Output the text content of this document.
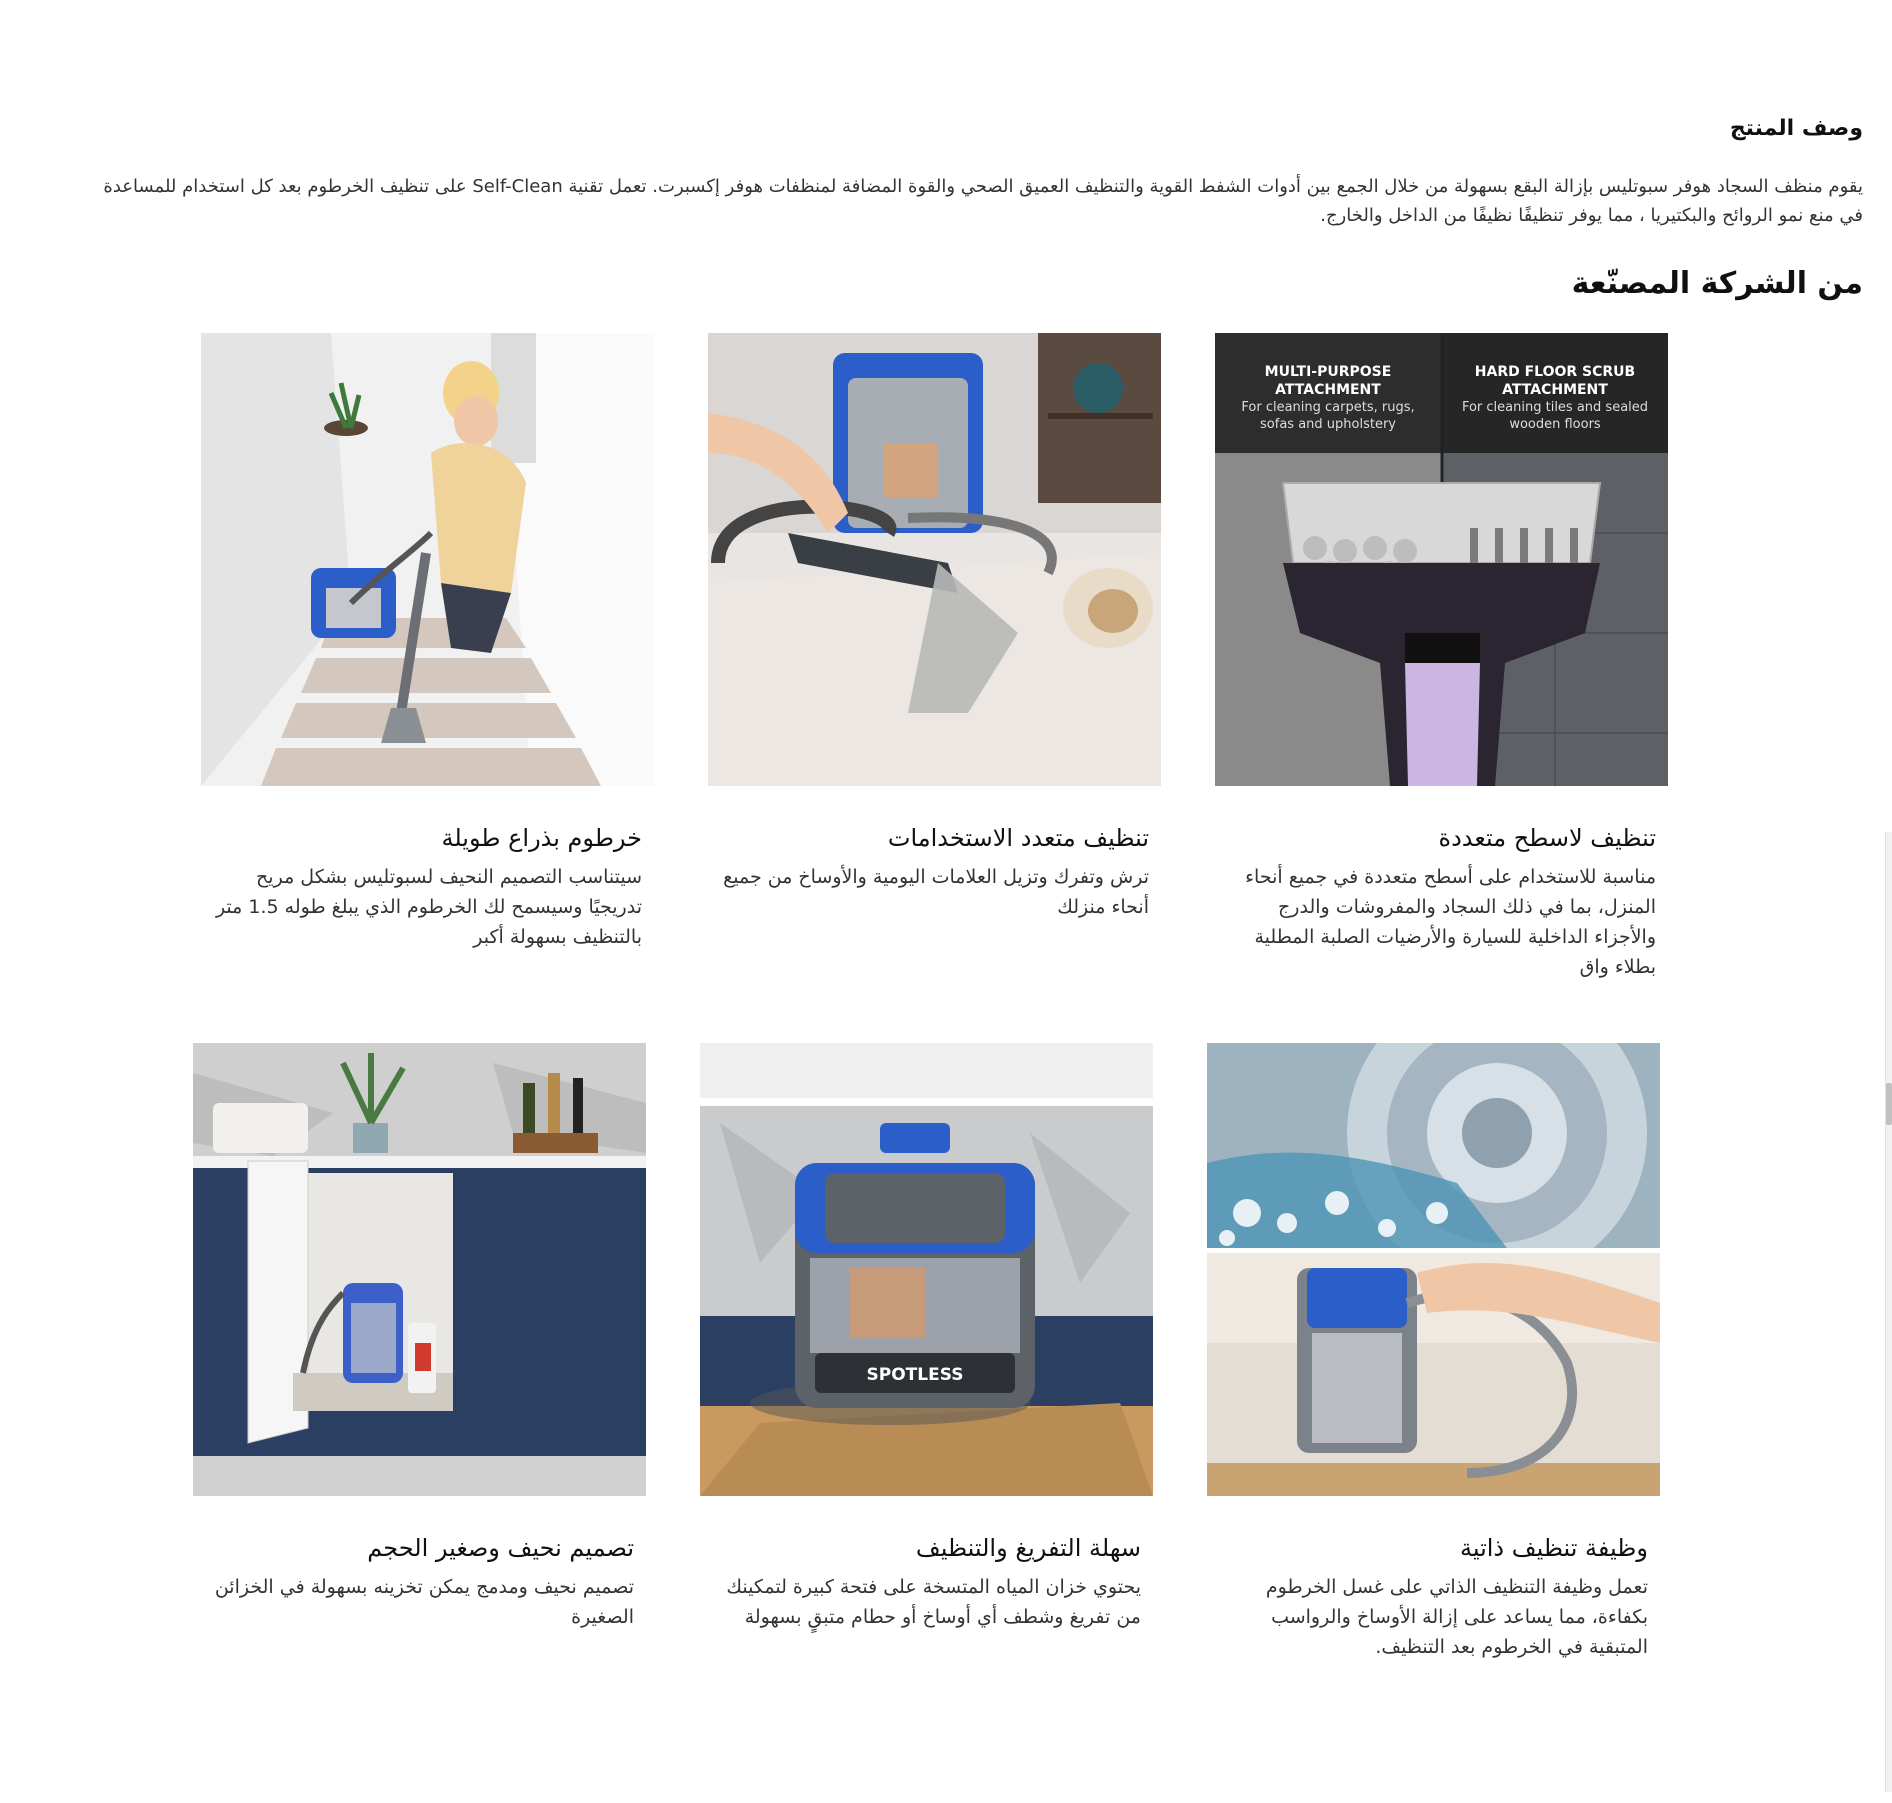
وصف المنتج

يقوم منظف السجاد هوفر سبوتليس بإزالة البقع بسهولة من خلال الجمع بين أدوات الشفط القوية والتنظيف العميق الصحي والقوة المضافة لمنظفات هوفر إكسبرت. تعمل تقنية Self-Clean على تنظيف الخرطوم بعد كل استخدام للمساعدة في منع نمو الروائح والبكتيريا ، مما يوفر تنظيفًا نظيفًا من الداخل والخارج.

من الشركة المصنّعة
MULTI-PURPOSE ATTACHMENT
For cleaning carpets, rugs, sofas and upholstery
HARD FLOOR SCRUB ATTACHMENT
For cleaning tiles and sealed wooden floors
تنظيف لاسطح متعددة

مناسبة للاستخدام على أسطح متعددة في جميع أنحاء المنزل، بما في ذلك السجاد والمفروشات والدرج والأجزاء الداخلية للسيارة والأرضيات الصلبة المطلية بطلاء واق

تنظيف متعدد الاستخدامات

ترش وتفرك وتزيل العلامات اليومية والأوساخ من جميع أنحاء منزلك

خرطوم بذراع طويلة

سيتناسب التصميم النحيف لسبوتليس بشكل مريح تدريجيًا وسيسمح لك الخرطوم الذي يبلغ طوله 1.5 متر بالتنظيف بسهولة أكبر

وظيفة تنظيف ذاتية

تعمل وظيفة التنظيف الذاتي على غسل الخرطوم بكفاءة، مما يساعد على إزالة الأوساخ والرواسب المتبقية في الخرطوم بعد التنظيف.

SPOTLESS
سهلة التفريغ والتنظيف

يحتوي خزان المياه المتسخة على فتحة كبيرة لتمكينك من تفريغ وشطف أي أوساخ أو حطام متبقٍ بسهولة

تصميم نحيف وصغير الحجم

تصميم نحيف ومدمج يمكن تخزينه بسهولة في الخزائن الصغيرة
